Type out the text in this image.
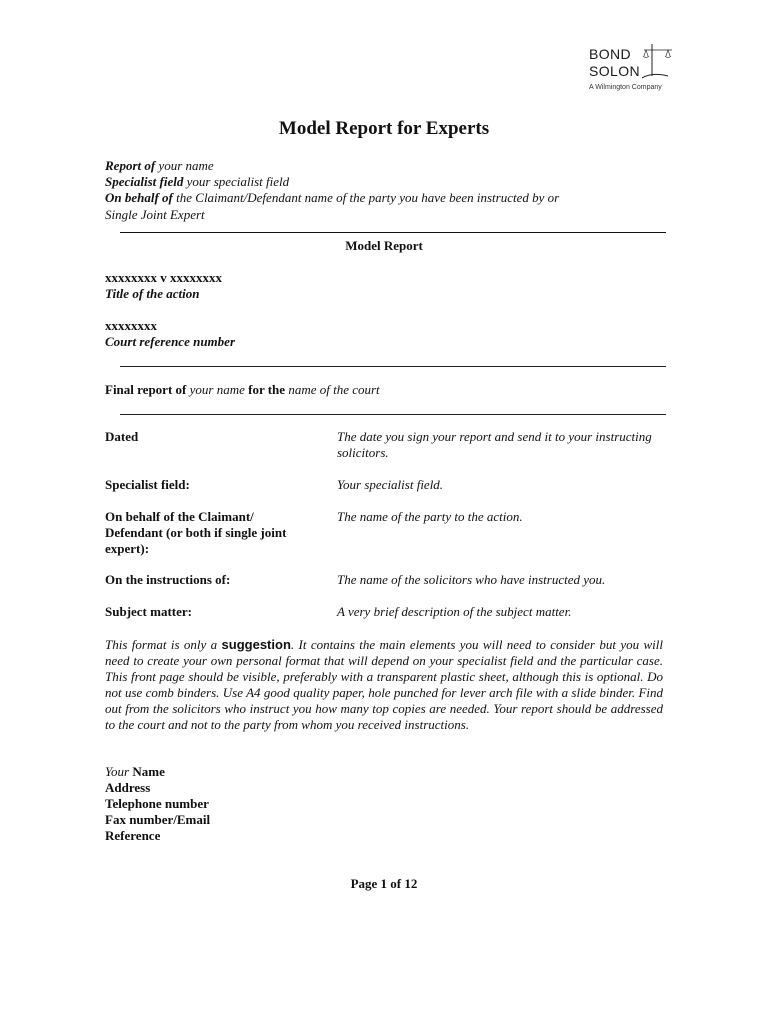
BOND
SOLON
A Wilmington Company
Model Report for Experts
Report of your name
Specialist field your specialist field
On behalf of the Claimant/Defendant name of the party you have been instructed by or
Single Joint Expert
Model Report
xxxxxxxx v xxxxxxxx
Title of the action
xxxxxxxx
Court reference number
Final report of your name for the name of the court
Dated	The date you sign your report and send it to your instructing solicitors.
Specialist field:	Your specialist field.
On behalf of the Claimant/ Defendant (or both if single joint expert):
The name of the party to the action.
On the instructions of:	The name of the solicitors who have instructed you.
Subject matter:	A very brief description of the subject matter.

This format is only a suggestion. It contains the main elements you will need to consider but you will need to create your own personal format that will depend on your specialist field and the particular case. This front page should be visible, preferably with a transparent plastic sheet, although this is optional. Do not use comb binders. Use A4 good quality paper, hole punched for lever arch file with a slide binder. Find out from the solicitors who instruct you how many top copies are needed. Your report should be addressed to the court and not to the party from whom you received instructions.

Your Name
Address
Telephone number
Fax number/Email
Reference
Page 1 of 12
